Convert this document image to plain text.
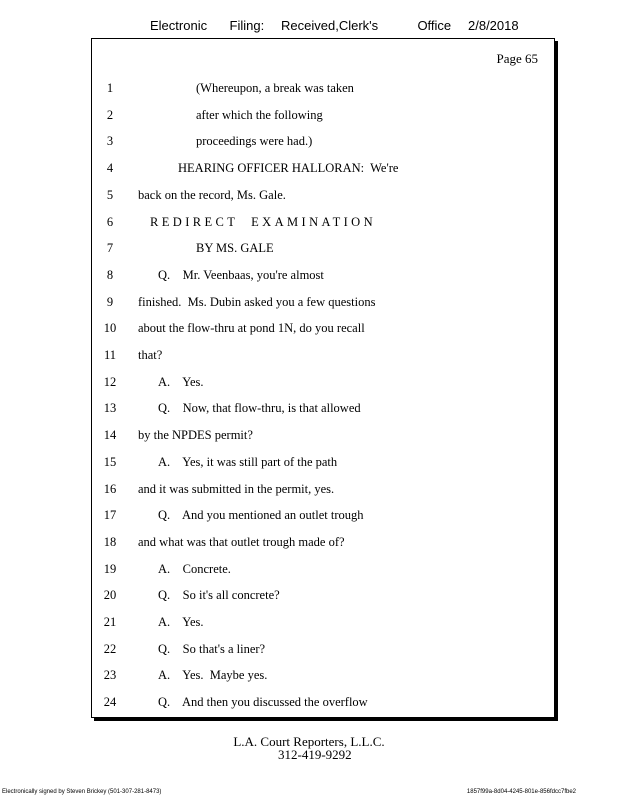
Electronic    Filing:   Received,Clerk's       Office   2/8/2018
Page 65
1	(Whereupon, a break was taken
2	after which the following
3	proceedings were had.)
4	HEARING OFFICER HALLORAN:  We're
5	back on the record, Ms. Gale.
6	REDIRECT  EXAMINATION
7	BY MS. GALE
8	Q.    Mr. Veenbaas, you're almost
9	finished.  Ms. Dubin asked you a few questions
10	about the flow-thru at pond 1N, do you recall
11	that?
12	A.    Yes.
13	Q.    Now, that flow-thru, is that allowed
14	by the NPDES permit?
15	A.    Yes, it was still part of the path
16	and it was submitted in the permit, yes.
17	Q.    And you mentioned an outlet trough
18	and what was that outlet trough made of?
19	A.    Concrete.
20	Q.    So it's all concrete?
21	A.    Yes.
22	Q.    So that's a liner?
23	A.    Yes.  Maybe yes.
24	Q.    And then you discussed the overflow
L.A. Court Reporters, L.L.C.
312-419-9292
Electronically signed by Steven Brickey (501-307-281-8473)	1857f99a-8d04-4245-801e-856fdcc7fbe2
